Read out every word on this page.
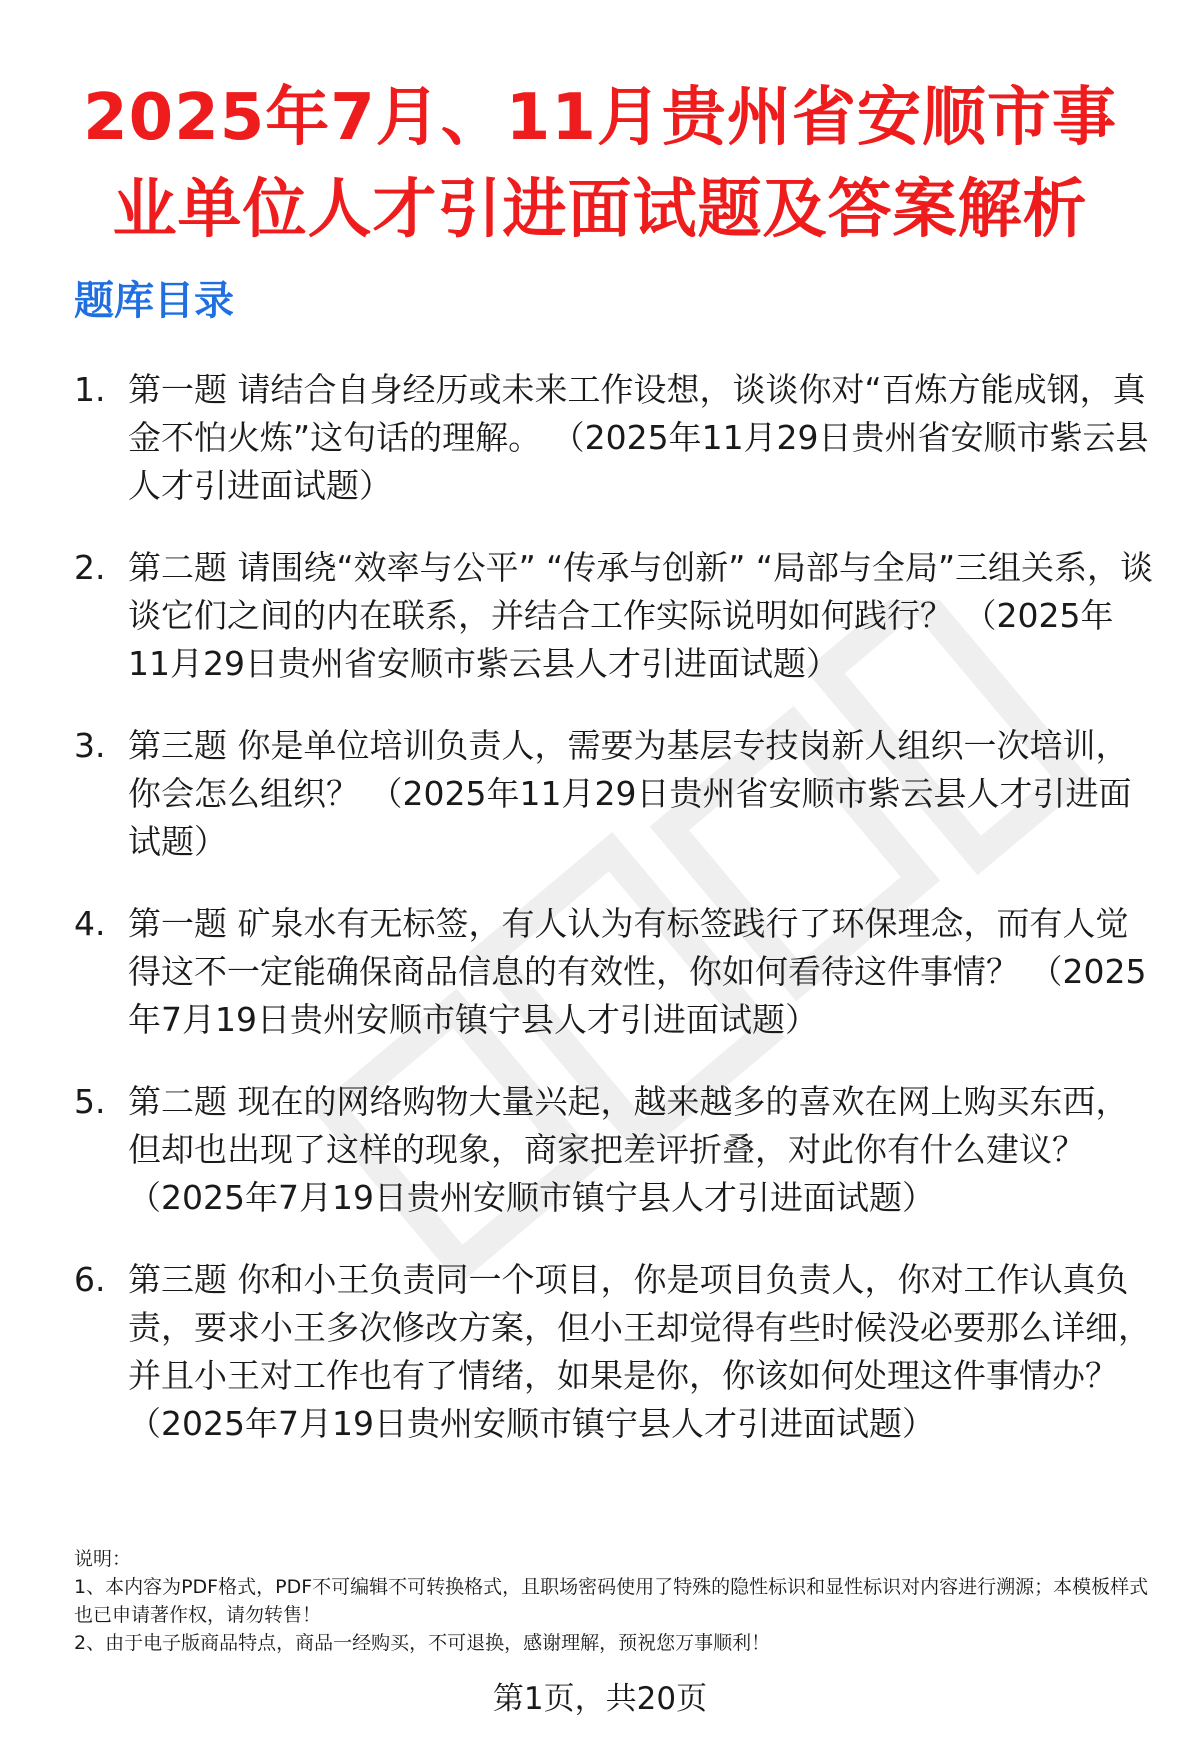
2025年7月、11月贵州省安顺市事
业单位人才引进面试题及答案解析
题库目录
1. 第一题 请结合自身经历或未来工作设想，谈谈你对“百炼方能成钢，真金不怕火炼”这句话的理解。 （2025年11月29日贵州省安顺市紫云县人才引进面试题）
2. 第二题 请围绕“效率与公平” “传承与创新” “局部与全局”三组关系，谈谈它们之间的内在联系，并结合工作实际说明如何践行？ （2025年11月29日贵州省安顺市紫云县人才引进面试题）
3. 第三题 你是单位培训负责人，需要为基层专技岗新人组织一次培训，你会怎么组织？ （2025年11月29日贵州省安顺市紫云县人才引进面试题）
4. 第一题 矿泉水有无标签，有人认为有标签践行了环保理念，而有人觉得这不一定能确保商品信息的有效性，你如何看待这件事情？ （2025年7月19日贵州安顺市镇宁县人才引进面试题）
5. 第二题 现在的网络购物大量兴起，越来越多的喜欢在网上购买东西，但却也出现了这样的现象，商家把差评折叠，对此你有什么建议？ （2025年7月19日贵州安顺市镇宁县人才引进面试题）
6. 第三题 你和小王负责同一个项目，你是项目负责人，你对工作认真负责，要求小王多次修改方案，但小王却觉得有些时候没必要那么详细，并且小王对工作也有了情绪，如果是你，你该如何处理这件事情办？ （2025年7月19日贵州安顺市镇宁县人才引进面试题）
说明：
1、本内容为PDF格式，PDF不可编辑不可转换格式，且职场密码使用了特殊的隐性标识和显性标识对内容进行溯源；本模板样式也已申请著作权，请勿转售！
2、由于电子版商品特点，商品一经购买，不可退换，感谢理解，预祝您万事顺利！
第1页，共20页
